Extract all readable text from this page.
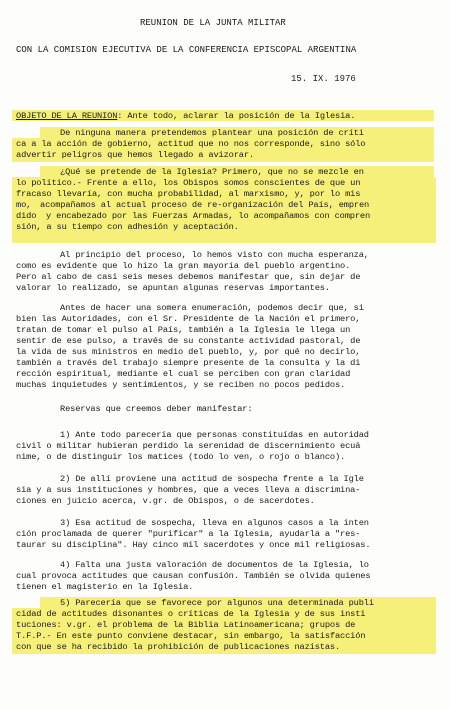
REUNION DE LA JUNTA MILITAR
CON LA COMISION EJECUTIVA DE LA CONFERENCIA EPISCOPAL ARGENTINA
15. IX. 1976
OBJETO DE LA REUNION: Ante todo, aclarar la posición de la Iglesia.
De ninguna manera pretendemos plantear una posición de críti
ca a la acción de gobierno, actitud que no nos corresponde, sino sólo
advertir peligros que hemos llegado a avizorar.
¿Qué se pretende de la Iglesia? Primero, que no se mezcle en
lo político.- Frente a ello, los Obispos somos conscientes de que un
fracaso llevaría, con mucha probabilidad, al marxismo, y, por lo mis
mo,	acompañamos al actual proceso de re-organización del País, empren
dido	y encabezado por las Fuerzas Armadas, lo acompañamos con compren
sión, a su tiempo con adhesión y aceptación.
Al principio del proceso, lo hemos visto con mucha esperanza,
como es evidente que lo hizo la gran mayoría del pueblo argentino.
Pero al cabo de casi seis meses debemos manifestar que, sin dejar de
valorar lo realizado, se apuntan algunas reservas importantes.
Antes de hacer una somera enumeración, podemos decir que, si
bien las Autoridades, con el Sr. Presidente de la Nación el primero,
tratan de tomar el pulso al País, también a la Iglesia le llega un
sentir de ese pulso, a través de su constante actividad pastoral, de
la vida de sus ministros en medio del pueblo, y, por qué no decirlo,
también a través del trabajo siempre presente de la consulta y la di
rección espiritual, mediante el cual se perciben con gran claridad
muchas inquietudes y sentimientos, y se reciben no pocos pedidos.
Reservas que creemos deber manifestar:
1) Ante todo parecería que personas constituídas en autoridad
civil o militar hubieran perdido la serenidad de discernimiento ecuá
nime, o de distinguir los matices (todo lo ven, o rojo o blanco).
2) De allí proviene una actitud de sospecha frente a la Igle
sia y a sus instituciones y hombres, que a veces lleva a discrimina-
ciones en juicio acerca, v.gr. de Obispos, o de sacerdotes.
3) Esa actitud de sospecha, lleva en algunos casos a la inten
ción proclamada de querer "purificar" a la Iglesia, ayudarla a "res-
taurar su disciplina". Hay cinco mil sacerdotes y once mil religiosas.
4) Falta una justa valoración de documentos de la Iglesia, lo
cual provoca actitudes que causan confusión. También se olvida quienes
tienen el magisterio en la Iglesia.
5) Parecería que se favorece por algunos una determinada publi
cidad de actitudes disonantes o críticas de la Iglesia y de sus insti
tuciones: v.gr. el problema de la Biblia Latinoamericana; grupos de
T.F.P.- En este punto conviene destacar, sin embargo, la satisfacción
con que se ha recibido la prohibición de publicaciones nazistas.
